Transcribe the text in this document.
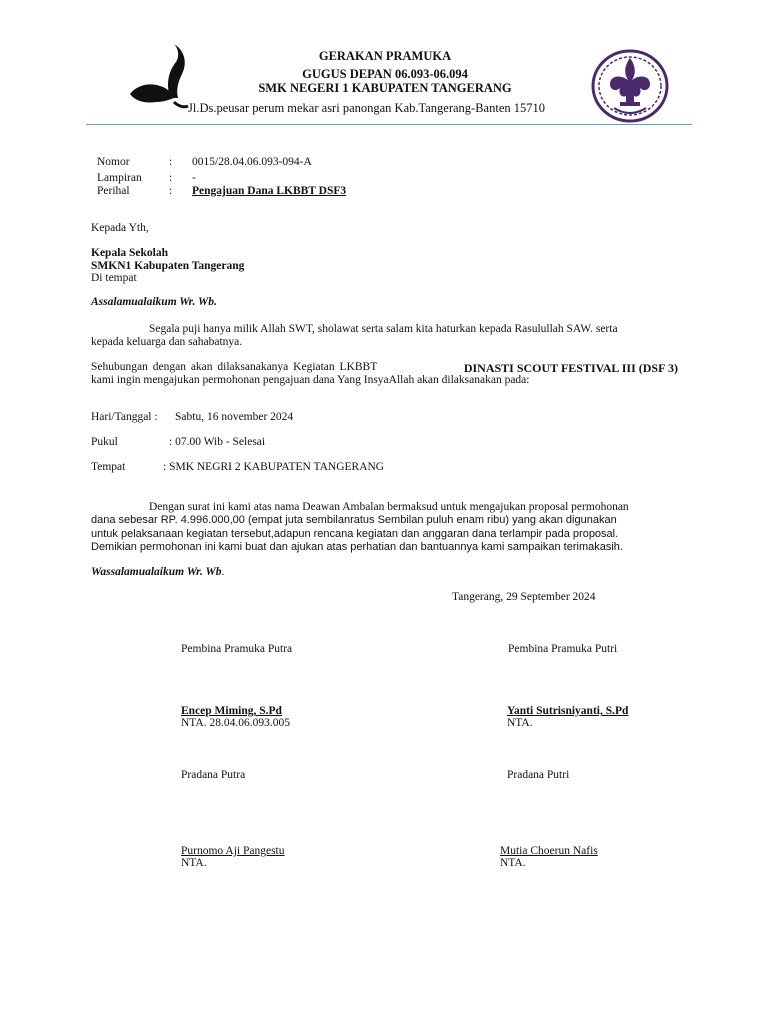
GERAKAN PRAMUKA
GUGUS DEPAN 06.093-06.094
SMK NEGERI 1 KABUPATEN TANGERANG
Jl.Ds.peusar perum mekar asri panongan Kab.Tangerang-Banten 15710
Nomor	: 0015/28.04.06.093-094-A
Lampiran : -
Perihal	: Pengajuan Dana LKBBT DSF3
Kepada Yth,
Kepala Sekolah
SMKN1 Kabupaten Tangerang
Di tempat
Assalamualaikum Wr. Wb.
Segala puji hanya milik Allah SWT, sholawat serta salam kita haturkan kepada Rasulullah SAW. serta
kepada keluarga dan sahabatnya.
Sehubungan dengan akan dilaksanakanya Kegiatan LKBBT	DINASTI SCOUT FESTIVAL III (DSF 3)
kami ingin mengajukan permohonan pengajuan dana Yang InsyaAllah akan dilaksanakan pada:
Hari/Tanggal : Sabtu, 16 november 2024
Pukul	: 07.00 Wib - Selesai
Tempat	: SMK NEGRI 2 KABUPATEN TANGERANG
Dengan surat ini kami atas nama Deawan Ambalan bermaksud untuk mengajukan proposal permohonan
dana sebesar RP. 4.996.000,00 (empat juta sembilanratus Sembilan puluh enam ribu) yang akan digunakan
untuk pelaksanaan kegiatan tersebut,adapun rencana kegiatan dan anggaran dana terlampir pada proposal.
Demikian permohonan ini kami buat dan ajukan atas perhatian dan bantuannya kami sampaikan terimakasih.
Wassalamualaikum Wr. Wb.
Tangerang, 29 September 2024
Pembina Pramuka Putra	Pembina Pramuka Putri
Encep Miming, S.Pd
NTA. 28.04.06.093.005
Yanti Sutrisniyanti, S.Pd
NTA.
Pradana Putra	Pradana Putri
Purnomo Aji Pangestu
NTA.
Mutia Choerun Nafis
NTA.
